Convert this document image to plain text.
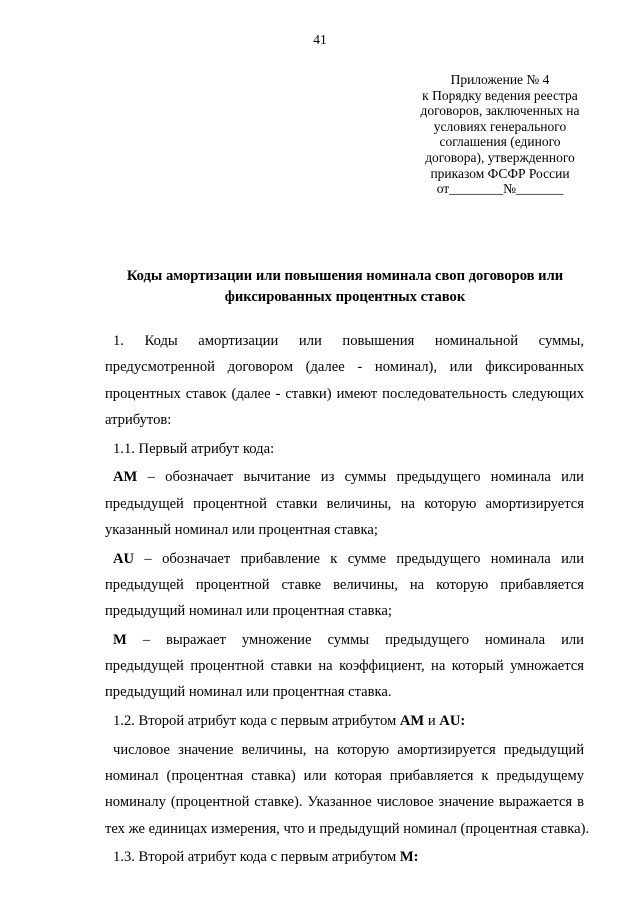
41
Приложение № 4
к Порядку ведения реестра
договоров, заключенных на
условиях генерального
соглашения (единого
договора), утвержденного
приказом ФСФР России
от________№_______
Коды амортизации или повышения номинала своп договоров или
фиксированных процентных ставок
1. Коды амортизации или повышения номинальной суммы,
предусмотренной договором (далее - номинал), или фиксированных
процентных ставок (далее - ставки) имеют последовательность следующих
атрибутов:
1.1. Первый атрибут кода:
AM – обозначает вычитание из суммы предыдущего номинала или
предыдущей процентной ставки величины, на которую амортизируется
указанный номинал или процентная ставка;
AU – обозначает прибавление к сумме предыдущего номинала или
предыдущей процентной ставке величины, на которую прибавляется
предыдущий номинал или процентная ставка;
M – выражает умножение суммы предыдущего номинала или
предыдущей процентной ставки на коэффициент, на который умножается
предыдущий номинал или процентная ставка.
1.2. Второй атрибут кода с первым атрибутом AM и AU:
числовое значение величины, на которую амортизируется предыдущий
номинал (процентная ставка) или которая прибавляется к предыдущему
номиналу (процентной ставке). Указанное числовое значение выражается в
тех же единицах измерения, что и предыдущий номинал (процентная ставка).
1.3. Второй атрибут кода с первым атрибутом M:
